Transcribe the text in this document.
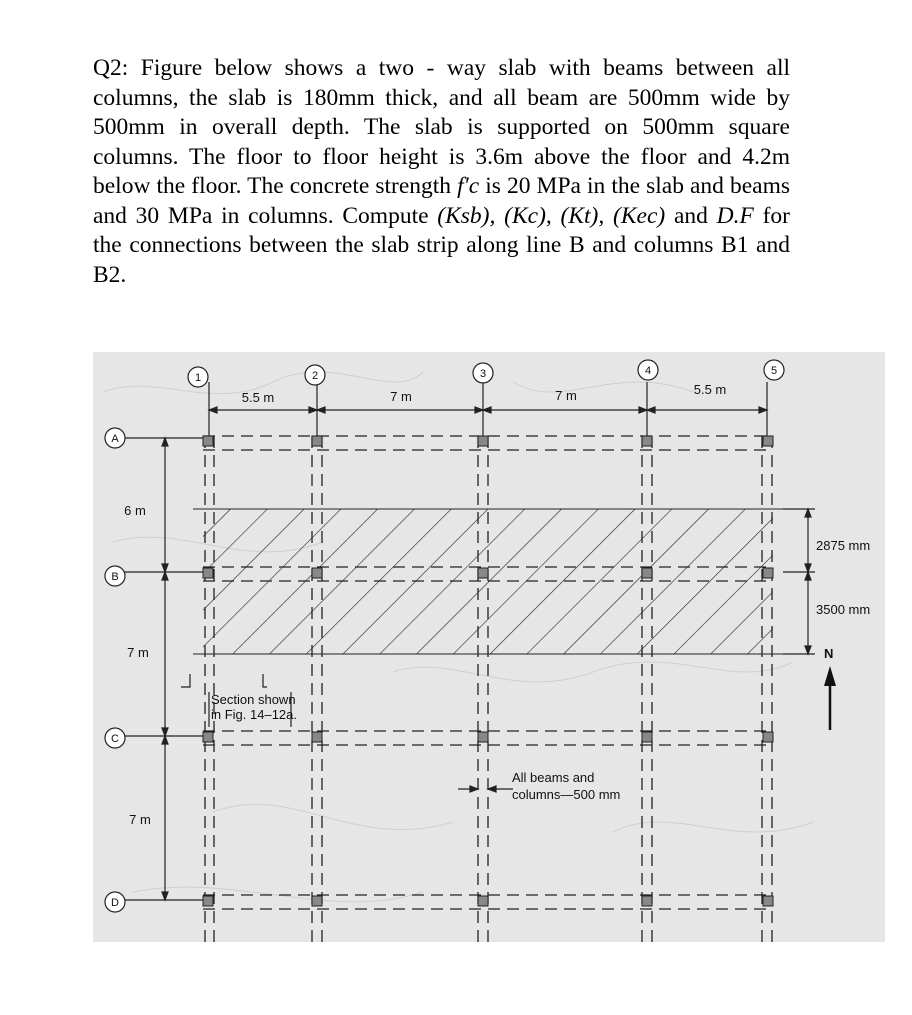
Q2: Figure below shows a two - way slab with beams between all columns, the slab is 180mm thick, and all beam are 500mm wide by 500mm in overall depth. The slab is supported on 500mm square columns. The floor to floor height is 3.6m above the floor and 4.2m below the floor. The concrete strength f′c is 20 MPa in the slab and beams and 30 MPa in columns. Compute (Ksb), (Kc), (Kt), (Kec) and D.F for the connections between the slab strip along line B and columns B1 and B2.
1	2	3	4	5
A
B
C
D
5.5 m	7 m	7 m	5.5 m
6 m
7 m
7 m
2875 mm
3500 mm
N
Section shown
in Fig. 14–12a.
All beams and
columns—500 mm
